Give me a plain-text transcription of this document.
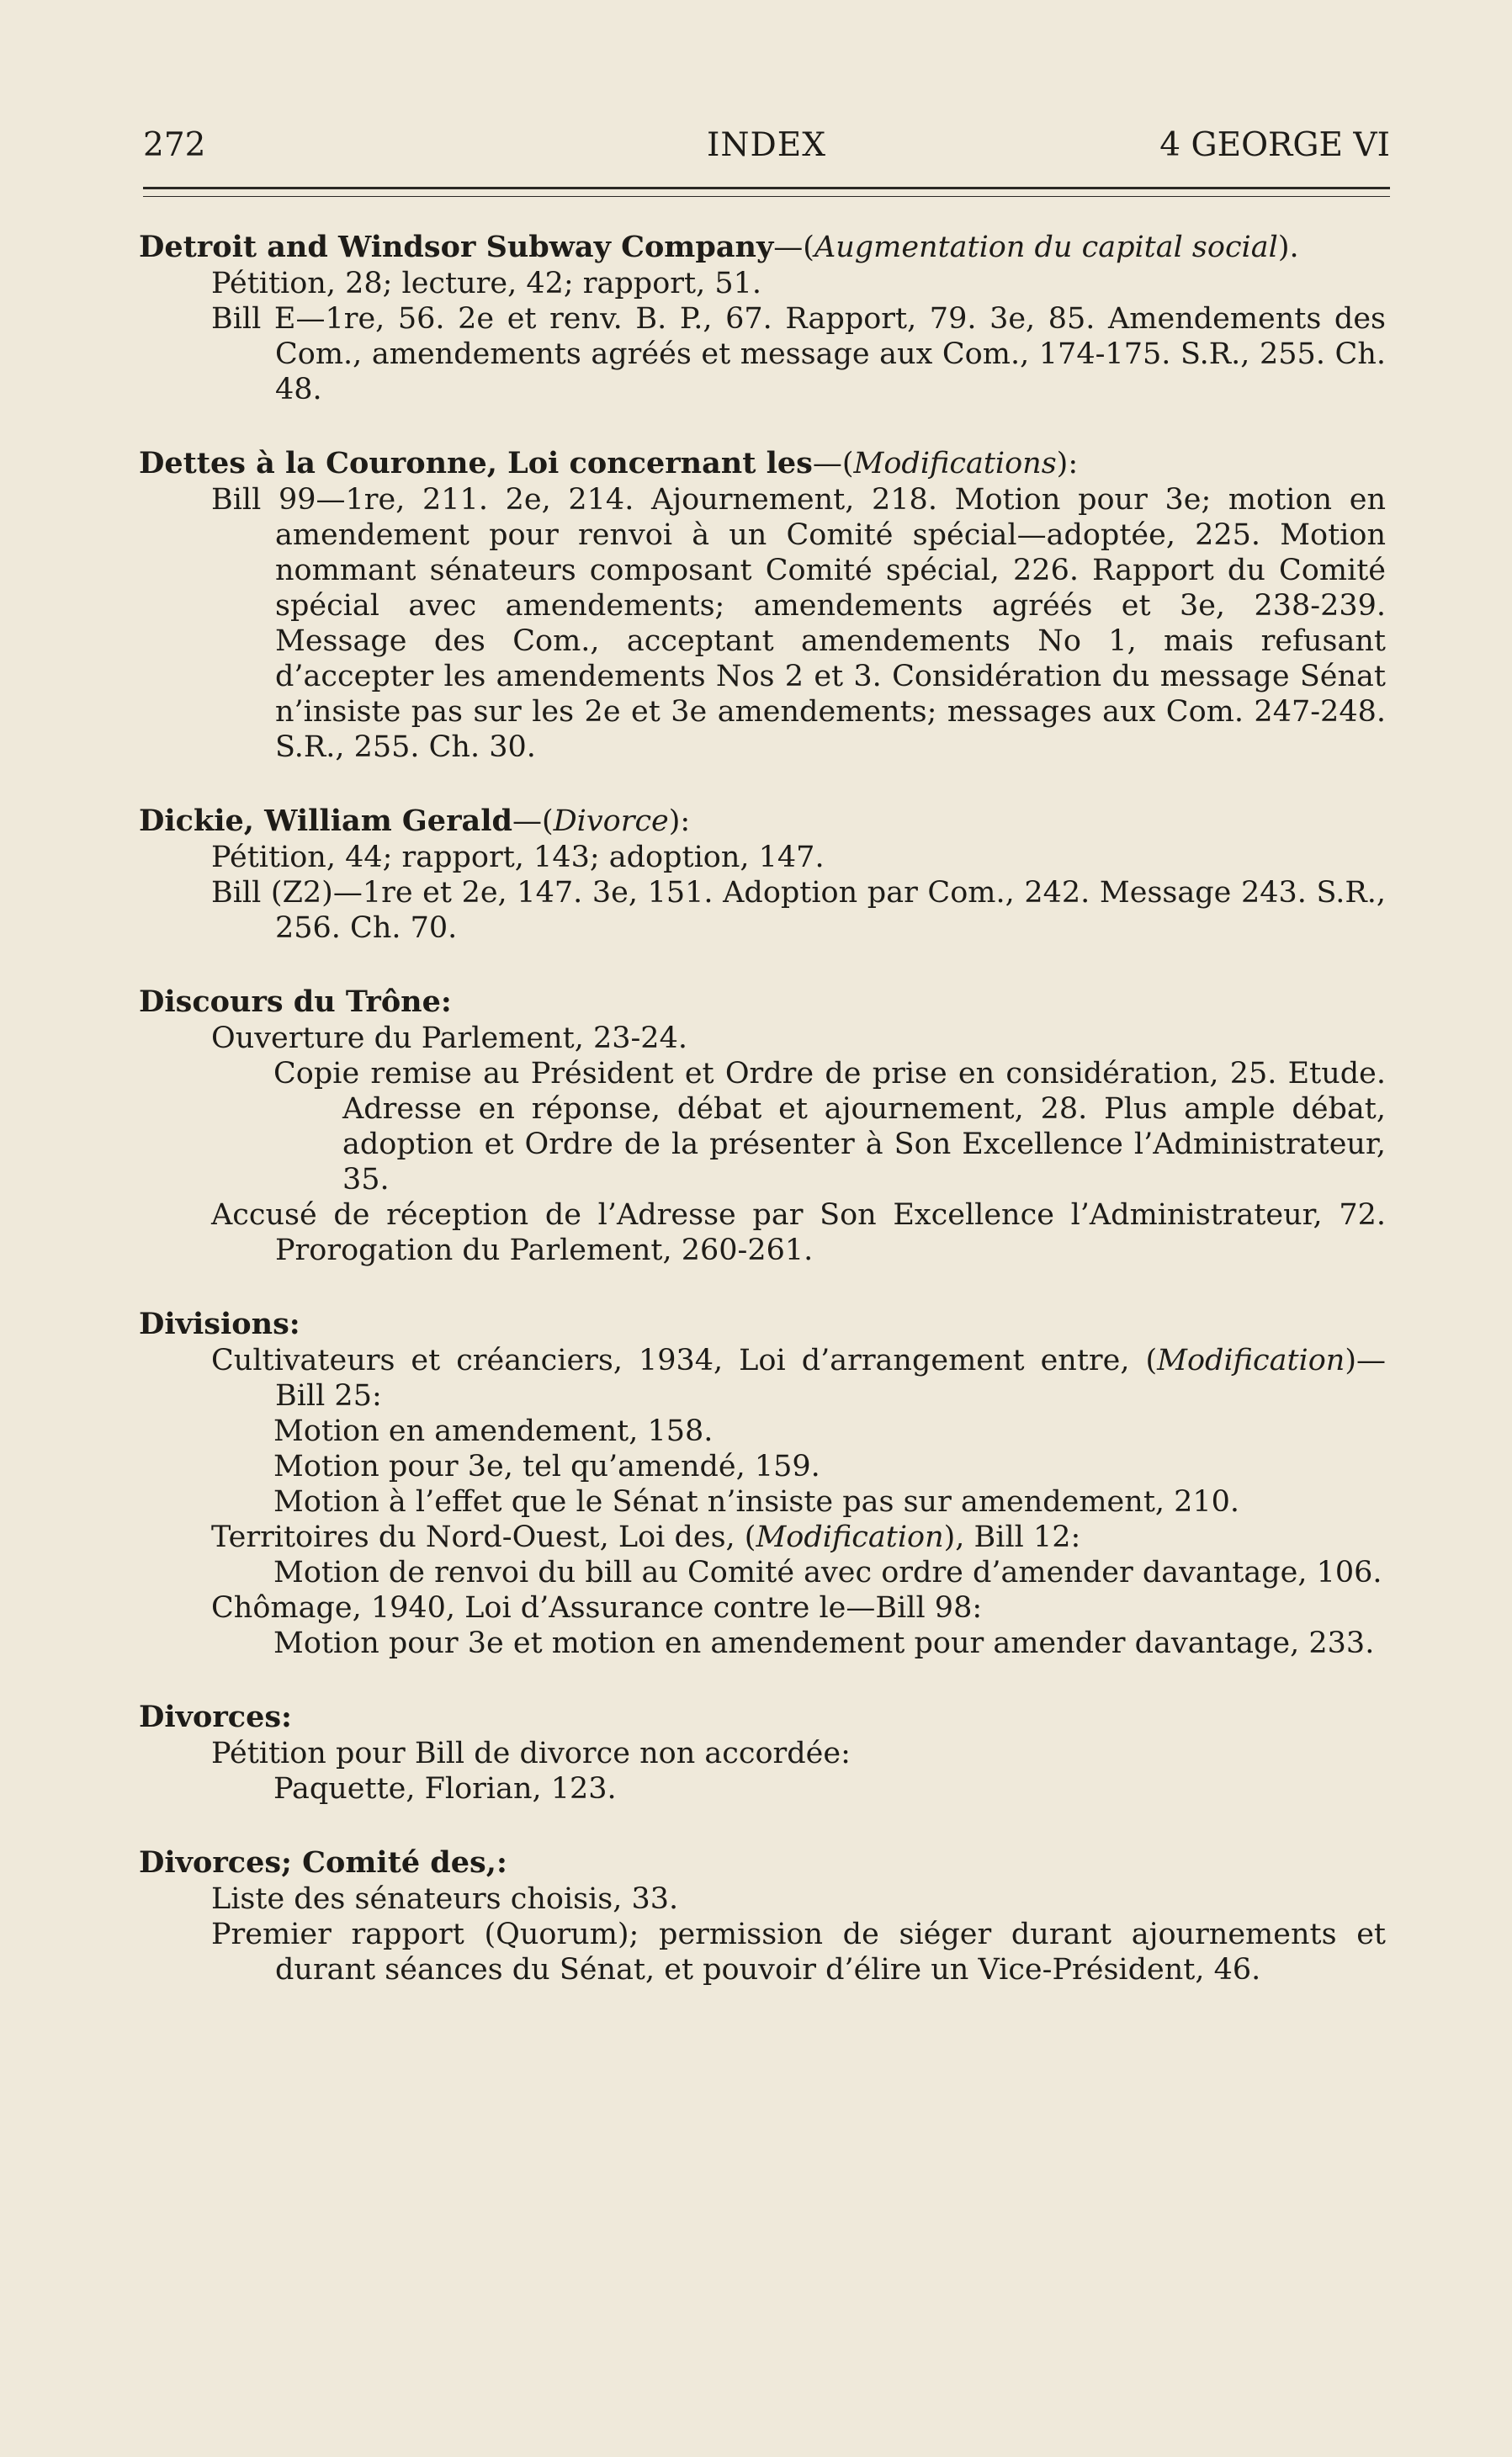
272	INDEX	4 GEORGE VI
Detroit and Windsor Subway Company—(Augmentation du capital social).
Pétition, 28; lecture, 42; rapport, 51.
Bill E—1re, 56. 2e et renv. B. P., 67. Rapport, 79. 3e, 85. Amendements des Com., amendements agréés et message aux Com., 174-175. S.R., 255. Ch. 48.
Dettes à la Couronne, Loi concernant les—(Modifications):
Bill 99—1re, 211. 2e, 214. Ajournement, 218. Motion pour 3e; motion en amendement pour renvoi à un Comité spécial—adoptée, 225. Motion nommant sénateurs composant Comité spécial, 226. Rapport du Comité spécial avec amendements; amendements agréés et 3e, 238-239. Message des Com., acceptant amendements No 1, mais refusant d’accepter les amendements Nos 2 et 3. Considération du message Sénat n’insiste pas sur les 2e et 3e amendements; messages aux Com. 247-248. S.R., 255. Ch. 30.
Dickie, William Gerald—(Divorce):
Pétition, 44; rapport, 143; adoption, 147.
Bill (Z2)—1re et 2e, 147. 3e, 151. Adoption par Com., 242. Message 243. S.R., 256. Ch. 70.
Discours du Trône:
Ouverture du Parlement, 23-24.
Copie remise au Président et Ordre de prise en considération, 25. Etude. Adresse en réponse, débat et ajournement, 28. Plus ample débat, adoption et Ordre de la présenter à Son Excellence l’Administrateur, 35.
Accusé de réception de l’Adresse par Son Excellence l’Administrateur, 72. Prorogation du Parlement, 260-261.
Divisions:
Cultivateurs et créanciers, 1934, Loi d’arrangement entre, (Modification)— Bill 25:
Motion en amendement, 158.
Motion pour 3e, tel qu’amendé, 159.
Motion à l’effet que le Sénat n’insiste pas sur amendement, 210.
Territoires du Nord-Ouest, Loi des, (Modification), Bill 12:
Motion de renvoi du bill au Comité avec ordre d’amender davantage, 106.
Chômage, 1940, Loi d’Assurance contre le—Bill 98:
Motion pour 3e et motion en amendement pour amender davantage, 233.
Divorces:
Pétition pour Bill de divorce non accordée:
Paquette, Florian, 123.
Divorces; Comité des,:
Liste des sénateurs choisis, 33.
Premier rapport (Quorum); permission de siéger durant ajournements et durant séances du Sénat, et pouvoir d’élire un Vice-Président, 46.
